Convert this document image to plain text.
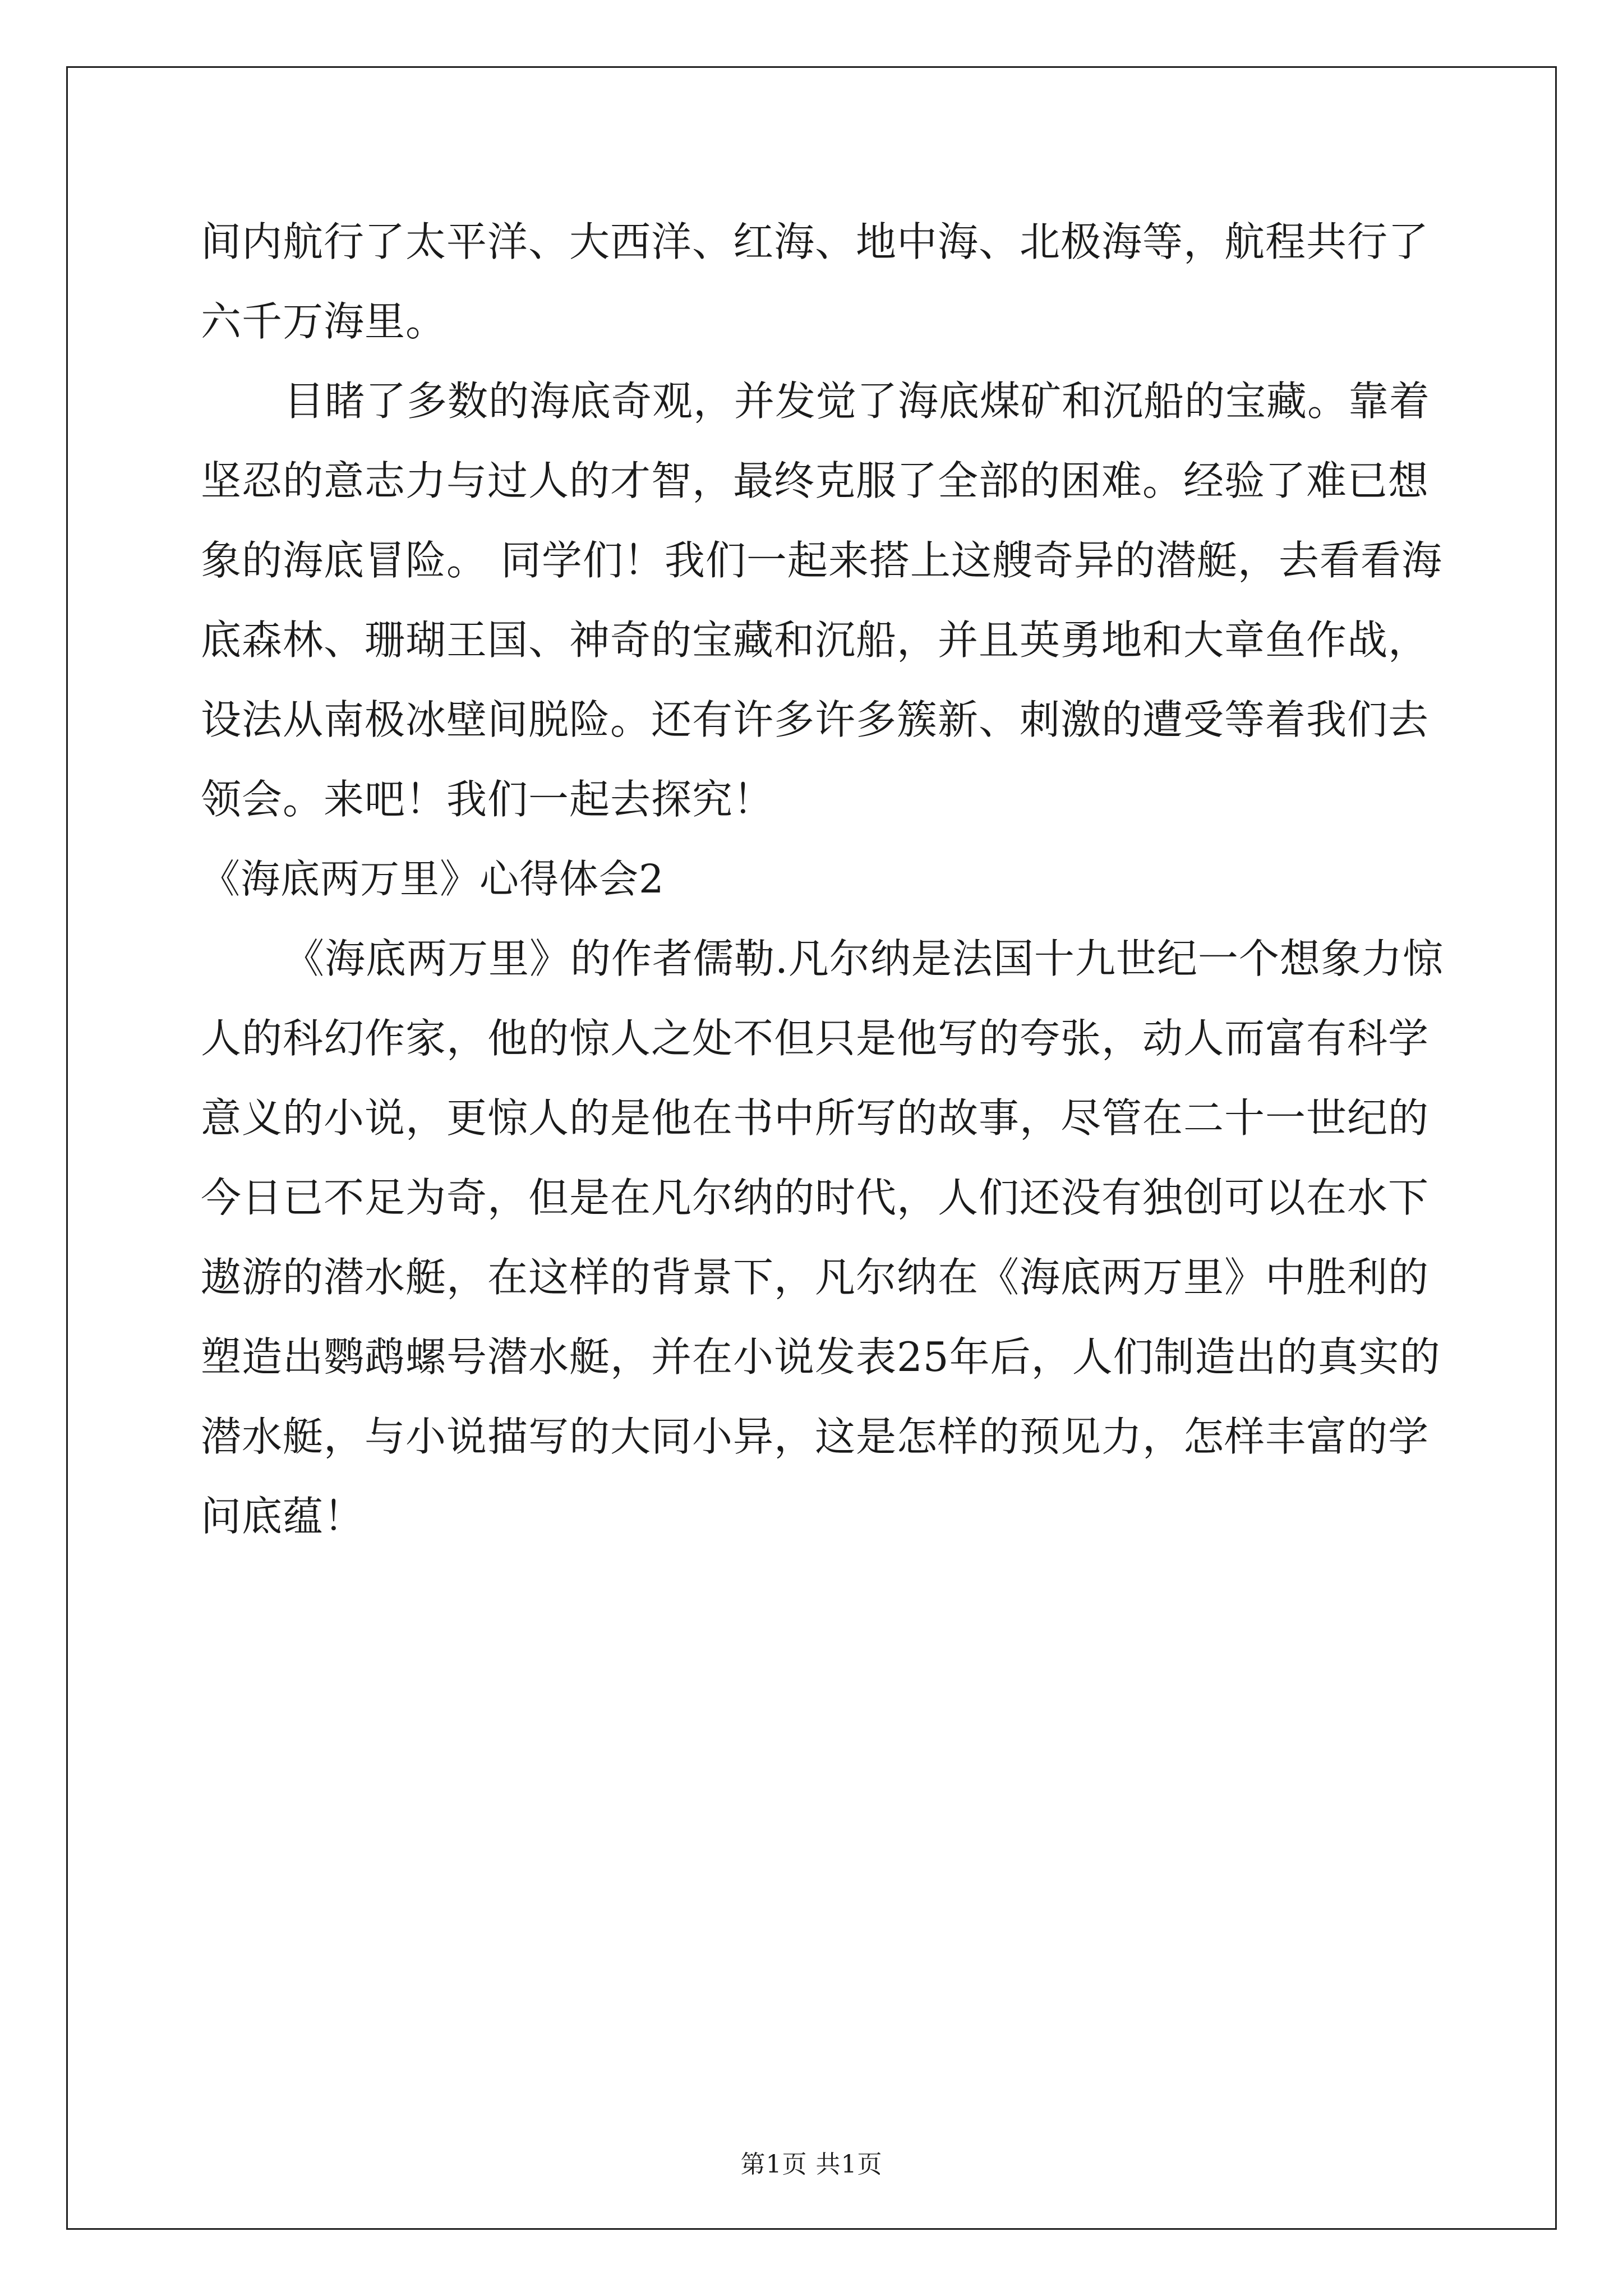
间内航行了太平洋、大西洋、红海、地中海、北极海等，航程共行了
六千万海里。
目睹了多数的海底奇观，并发觉了海底煤矿和沉船的宝藏。靠着
坚忍的意志力与过人的才智，最终克服了全部的困难。经验了难已想
象的海底冒险。 同学们！我们一起来搭上这艘奇异的潜艇，去看看海
底森林、珊瑚王国、神奇的宝藏和沉船，并且英勇地和大章鱼作战，
设法从南极冰壁间脱险。还有许多许多簇新、刺激的遭受等着我们去
领会。来吧！我们一起去探究！
《海底两万里》心得体会2
《海底两万里》的作者儒勒.凡尔纳是法国十九世纪一个想象力惊
人的科幻作家，他的惊人之处不但只是他写的夸张，动人而富有科学
意义的小说，更惊人的是他在书中所写的故事，尽管在二十一世纪的
今日已不足为奇，但是在凡尔纳的时代，人们还没有独创可以在水下
遨游的潜水艇，在这样的背景下，凡尔纳在《海底两万里》中胜利的
塑造出鹦鹉螺号潜水艇，并在小说发表25年后，人们制造出的真实的
潜水艇，与小说描写的大同小异，这是怎样的预见力，怎样丰富的学
问底蕴！
第1页 共1页
